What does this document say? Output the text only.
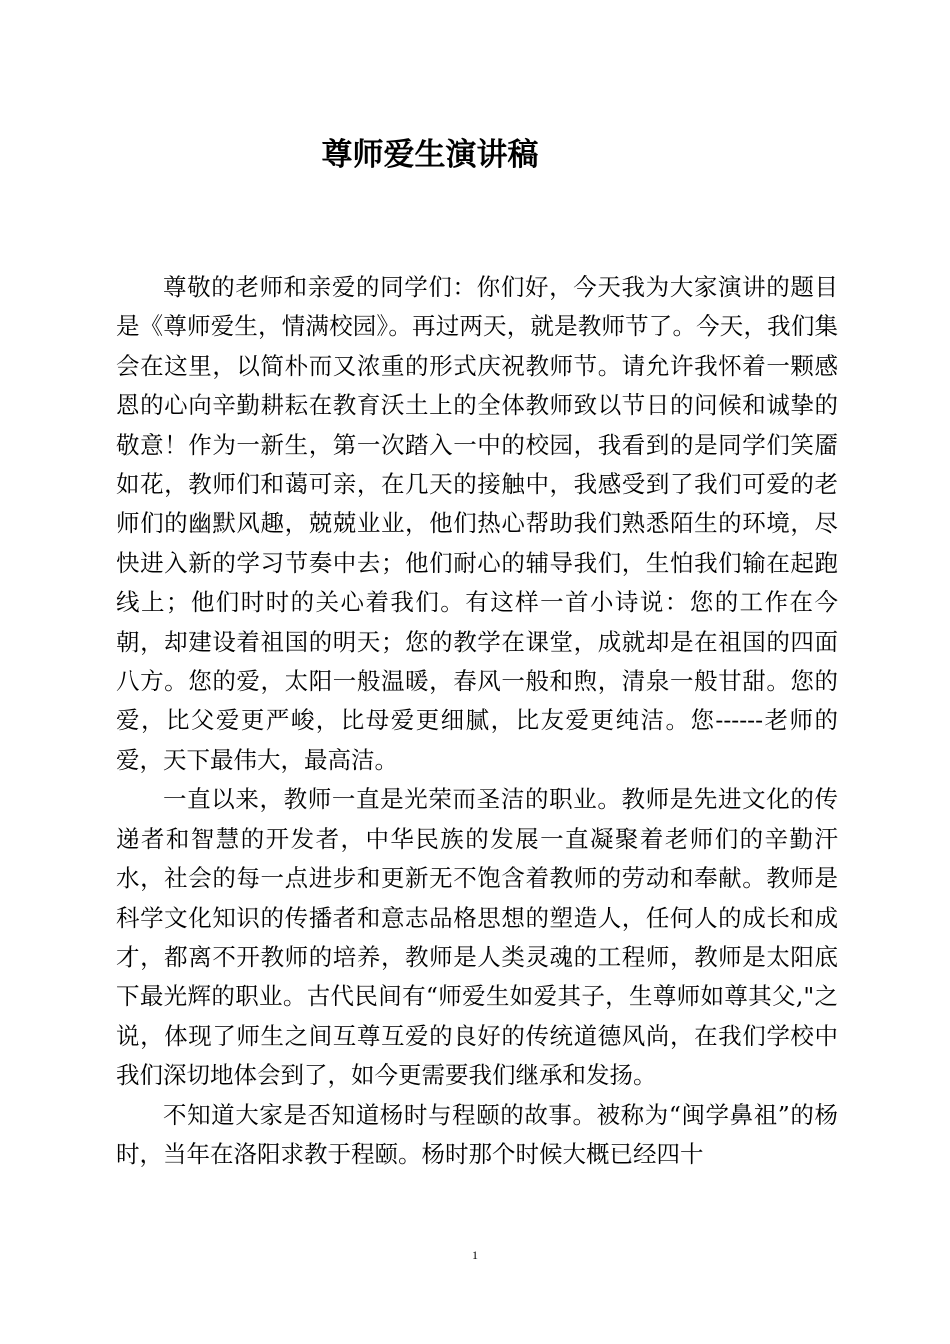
尊师爱生演讲稿

尊敬的老师和亲爱的同学们：你们好，今天我为大家演讲的题目是《尊师爱生，情满校园》。再过两天，就是教师节了。今天，我们集会在这里，以简朴而又浓重的形式庆祝教师节。请允许我怀着一颗感恩的心向辛勤耕耘在教育沃土上的全体教师致以节日的问候和诚挚的敬意！作为一新生，第一次踏入一中的校园，我看到的是同学们笑靥如花，教师们和蔼可亲，在几天的接触中，我感受到了我们可爱的老师们的幽默风趣，兢兢业业，他们热心帮助我们熟悉陌生的环境，尽快进入新的学习节奏中去；他们耐心的辅导我们，生怕我们输在起跑线上；他们时时的关心着我们。有这样一首小诗说：您的工作在今朝，却建设着祖国的明天；您的教学在课堂，成就却是在祖国的四面八方。您的爱，太阳一般温暖，春风一般和煦，清泉一般甘甜。您的爱，比父爱更严峻，比母爱更细腻，比友爱更纯洁。您------老师的爱，天下最伟大，最高洁。

一直以来，教师一直是光荣而圣洁的职业。教师是先进文化的传递者和智慧的开发者，中华民族的发展一直凝聚着老师们的辛勤汗水，社会的每一点进步和更新无不饱含着教师的劳动和奉献。教师是科学文化知识的传播者和意志品格思想的塑造人，任何人的成长和成才，都离不开教师的培养，教师是人类灵魂的工程师，教师是太阳底下最光辉的职业。古代民间有“师爱生如爱其子，生尊师如尊其父,"之说，体现了师生之间互尊互爱的良好的传统道德风尚，在我们学校中我们深切地体会到了，如今更需要我们继承和发扬。

不知道大家是否知道杨时与程颐的故事。被称为“闽学鼻祖”的杨时，当年在洛阳求教于程颐。杨时那个时候大概已经四十

1
